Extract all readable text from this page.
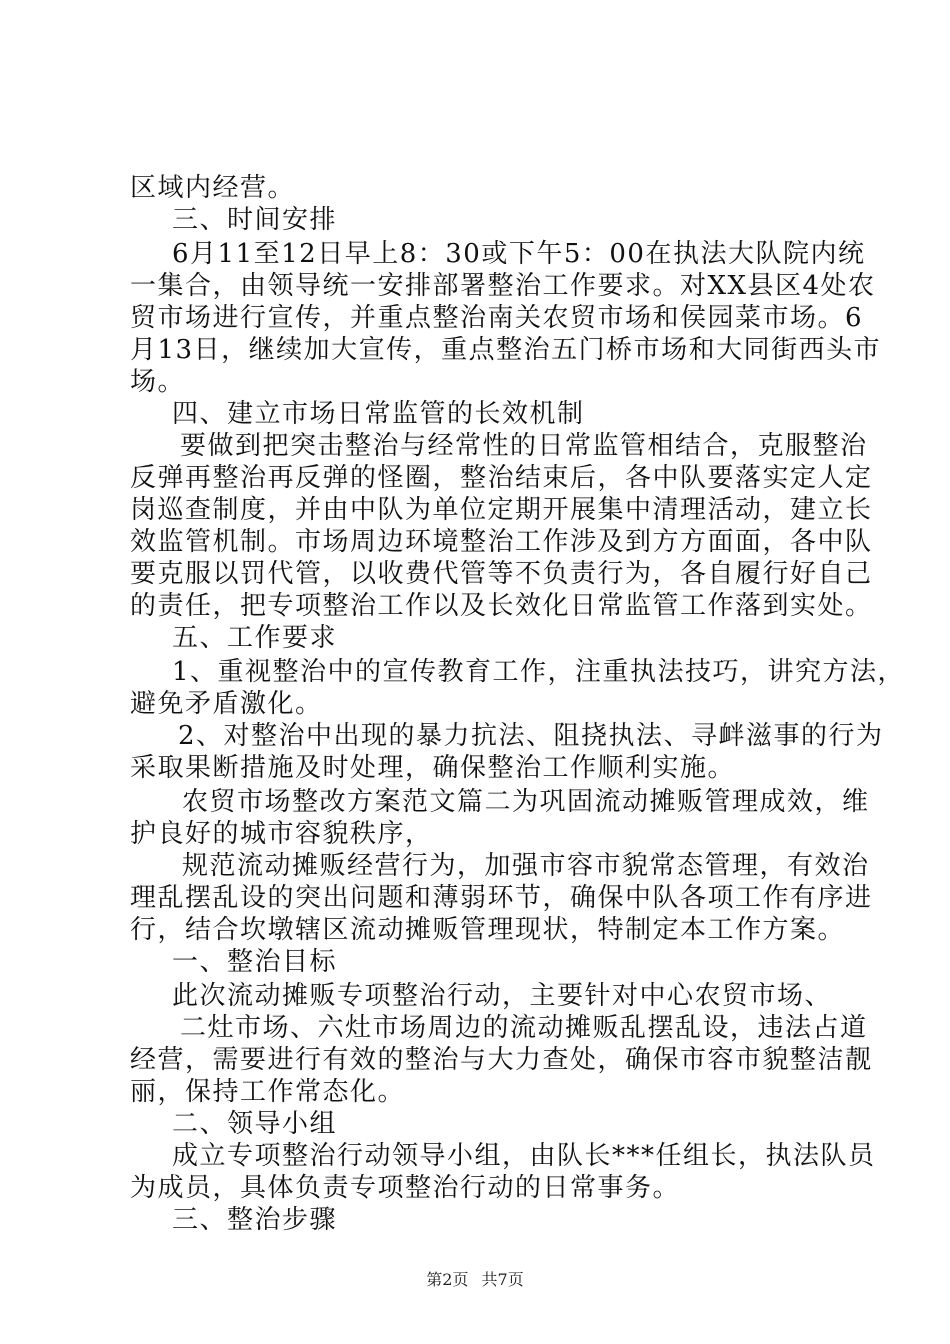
区域内经营。
三、时间安排
6月11至12日早上8：30或下午5：00在执法大队院内统
一集合，由领导统一安排部署整治工作要求。对XX县区4处农
贸市场进行宣传，并重点整治南关农贸市场和侯园菜市场。6
月13日，继续加大宣传，重点整治五门桥市场和大同街西头市
场。
四、建立市场日常监管的长效机制
要做到把突击整治与经常性的日常监管相结合，克服整治
反弹再整治再反弹的怪圈，整治结束后，各中队要落实定人定
岗巡查制度，并由中队为单位定期开展集中清理活动，建立长
效监管机制。市场周边环境整治工作涉及到方方面面，各中队
要克服以罚代管，以收费代管等不负责行为，各自履行好自己
的责任，把专项整治工作以及长效化日常监管工作落到实处。
五、工作要求
1、重视整治中的宣传教育工作，注重执法技巧，讲究方法，
避免矛盾激化。
2、对整治中出现的暴力抗法、阻挠执法、寻衅滋事的行为
采取果断措施及时处理，确保整治工作顺利实施。
农贸市场整改方案范文篇二为巩固流动摊贩管理成效，维
护良好的城市容貌秩序，
规范流动摊贩经营行为，加强市容市貌常态管理，有效治
理乱摆乱设的突出问题和薄弱环节，确保中队各项工作有序进
行，结合坎墩辖区流动摊贩管理现状，特制定本工作方案。
一、整治目标
此次流动摊贩专项整治行动，主要针对中心农贸市场、
二灶市场、六灶市场周边的流动摊贩乱摆乱设，违法占道
经营，需要进行有效的整治与大力查处，确保市容市貌整洁靓
丽，保持工作常态化。
二、领导小组
成立专项整治行动领导小组，由队长***任组长，执法队员
为成员，具体负责专项整治行动的日常事务。
三、整治步骤
第2页 共7页
